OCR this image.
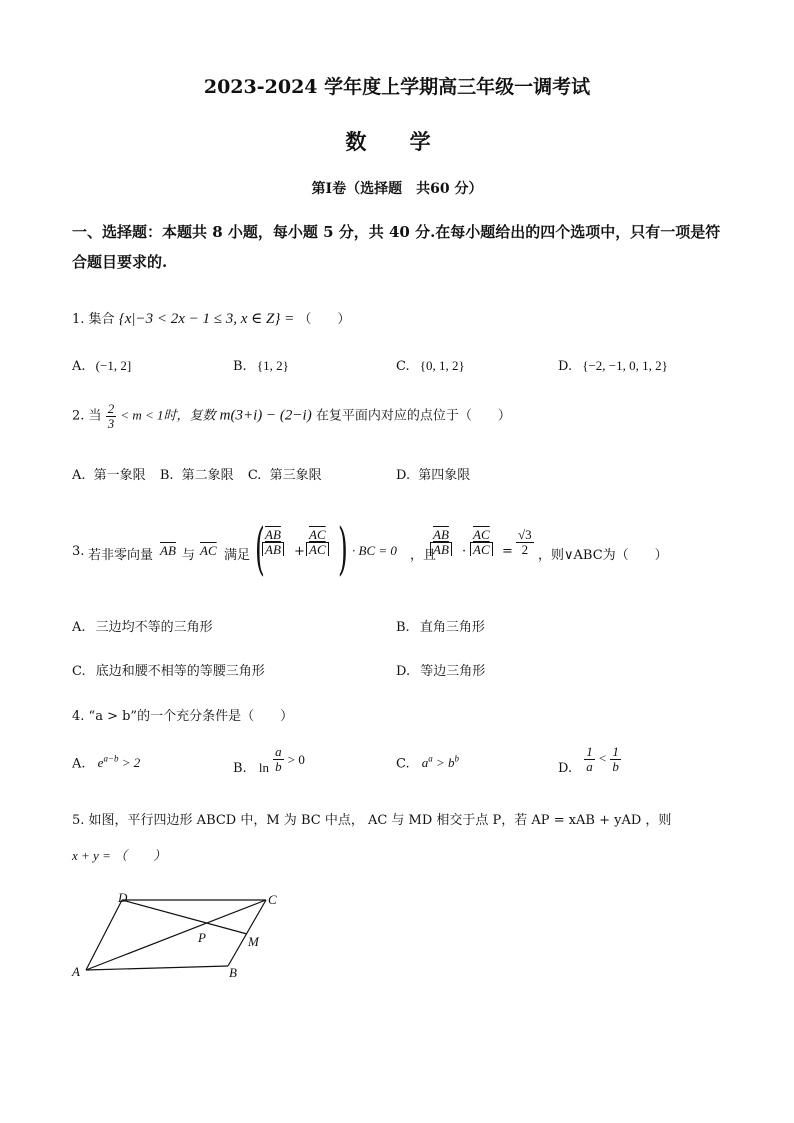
2023-2024 学年度上学期高三年级一调考试
数 学
第Ⅰ卷（选择题　共60 分）
一、选择题：本题共 8 小题，每小题 5 分，共 40 分.在每小题给出的四个选项中，只有一项是符合题目要求的.
1. 集合 {x|−3 < 2x − 1 ≤ 3, x ∈ Z} = （　　）
A. (−1, 2]	B. {1, 2}	C. {0, 1, 2}	D. {−2, −1, 0, 1, 2}
2. 当 $\frac{2}{3} < m < 1$时，复数 m(3+i) − (2−i) 在复平面内对应的点位于（　　）
A. 第一象限 B. 第二象限 C. 第三象限	D. 第四象限
3. 若非零向量 $\overline{AB}$ 与 $\overline{AC}$ 满足 (
$\frac{\overline{AB}}{AB} + \frac{\overline{AC}}{AC}$ ) · BC = 0 ，且
$\frac{\overline{AB}}{AB} \cdot \frac{\overline{AC}}{AC} = \frac{√3}{2}$ ，则∨ABC为（　　）
A. 三边均不等的三角形	B. 直角三角形
C. 底边和腰不相等的等腰三角形	D. 等边三角形
4. “a > b”的一个充分条件是（　　）
A. $e^{a-b} > 2$	B. $\ln \frac{a}{b} > 0$	C. $a^a > b^b$
D. $\frac{1}{a} < \frac{1}{b}$
5. 如图，平行四边形 ABCD 中，M 为 BC 中点， AC 与 MD 相交于点 P，若 AP = xAB + yAD ，则
x + y = （　　）
A	B
C
D
P	M
